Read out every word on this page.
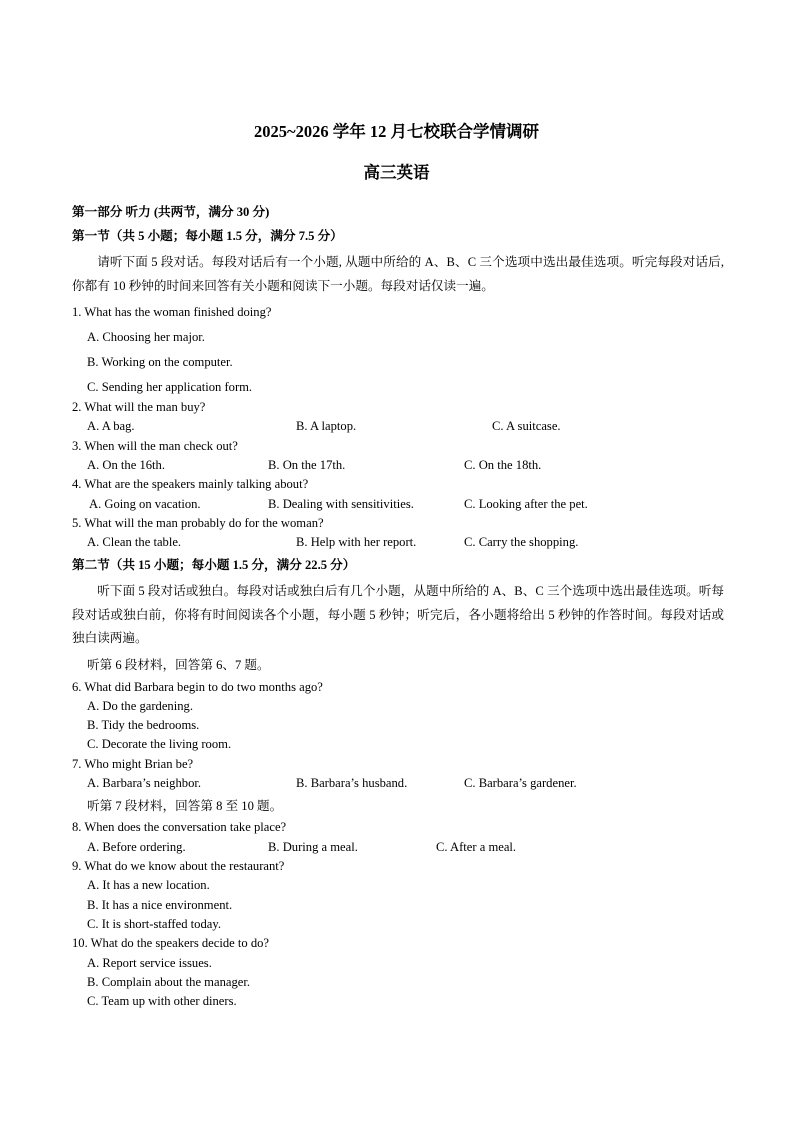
2025~2026 学年 12 月七校联合学情调研
高三英语
第一部分 听力 (共两节，满分 30 分)
第一节（共 5 小题；每小题 1.5 分，满分 7.5 分）
请听下面 5 段对话。每段对话后有一个小题, 从题中所给的 A、B、C 三个选项中选出最佳选项。听完每段对话后, 你都有 10 秒钟的时间来回答有关小题和阅读下一小题。每段对话仅读一遍。
1. What has the woman finished doing?
A. Choosing her major.
B. Working on the computer.
C. Sending her application form.
2. What will the man buy?
A. A bag.	B. A laptop.	C. A suitcase.
3. When will the man check out?
A. On the 16th.	B. On the 17th.	C. On the 18th.
4. What are the speakers mainly talking about?
A. Going on vacation.	B. Dealing with sensitivities.	C. Looking after the pet.
5. What will the man probably do for the woman?
A. Clean the table.	B. Help with her report.	C. Carry the shopping.
第二节（共 15 小题；每小题 1.5 分，满分 22.5 分）
听下面 5 段对话或独白。每段对话或独白后有几个小题，从题中所给的 A、B、C 三个选项中选出最佳选项。听每段对话或独白前，你将有时间阅读各个小题，每小题 5 秒钟；听完后，各小题将给出 5 秒钟的作答时间。每段对话或独白读两遍。
听第 6 段材料，回答第 6、7 题。
6. What did Barbara begin to do two months ago?
A. Do the gardening.
B. Tidy the bedrooms.
C. Decorate the living room.
7. Who might Brian be?
A. Barbara’s neighbor.	B. Barbara’s husband.	C. Barbara’s gardener.
听第 7 段材料，回答第 8 至 10 题。
8. When does the conversation take place?
A. Before ordering.	B. During a meal.	C. After a meal.
9. What do we know about the restaurant?
A. It has a new location.
B. It has a nice environment.
C. It is short-staffed today.
10. What do the speakers decide to do?
A. Report service issues.
B. Complain about the manager.
C. Team up with other diners.
